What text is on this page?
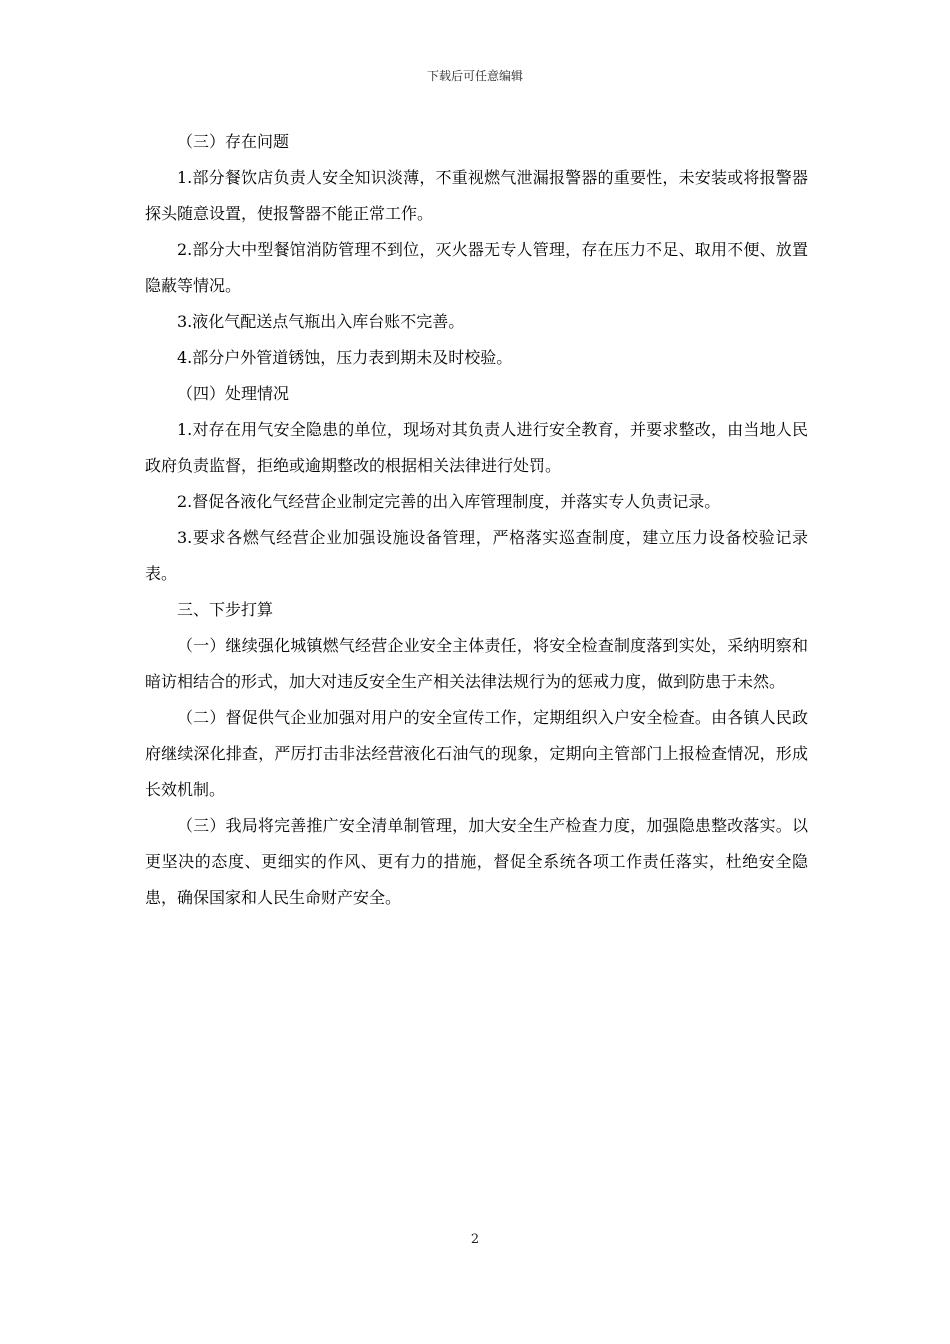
下载后可任意编辑

（三）存在问题

1.部分餐饮店负责人安全知识淡薄，不重视燃气泄漏报警器的重要性，未安装或将报警器探头随意设置，使报警器不能正常工作。

2.部分大中型餐馆消防管理不到位，灭火器无专人管理，存在压力不足、取用不便、放置隐蔽等情况。

3.液化气配送点气瓶出入库台账不完善。

4.部分户外管道锈蚀，压力表到期未及时校验。

（四）处理情况

1.对存在用气安全隐患的单位，现场对其负责人进行安全教育，并要求整改，由当地人民政府负责监督，拒绝或逾期整改的根据相关法律进行处罚。

2.督促各液化气经营企业制定完善的出入库管理制度，并落实专人负责记录。

3.要求各燃气经营企业加强设施设备管理，严格落实巡查制度，建立压力设备校验记录表。

三、下步打算

（一）继续强化城镇燃气经营企业安全主体责任，将安全检查制度落到实处，采纳明察和暗访相结合的形式，加大对违反安全生产相关法律法规行为的惩戒力度，做到防患于未然。

（二）督促供气企业加强对用户的安全宣传工作，定期组织入户安全检查。由各镇人民政府继续深化排查，严厉打击非法经营液化石油气的现象，定期向主管部门上报检查情况，形成长效机制。

（三）我局将完善推广安全清单制管理，加大安全生产检查力度，加强隐患整改落实。以更坚决的态度、更细实的作风、更有力的措施，督促全系统各项工作责任落实，杜绝安全隐患，确保国家和人民生命财产安全。

2
